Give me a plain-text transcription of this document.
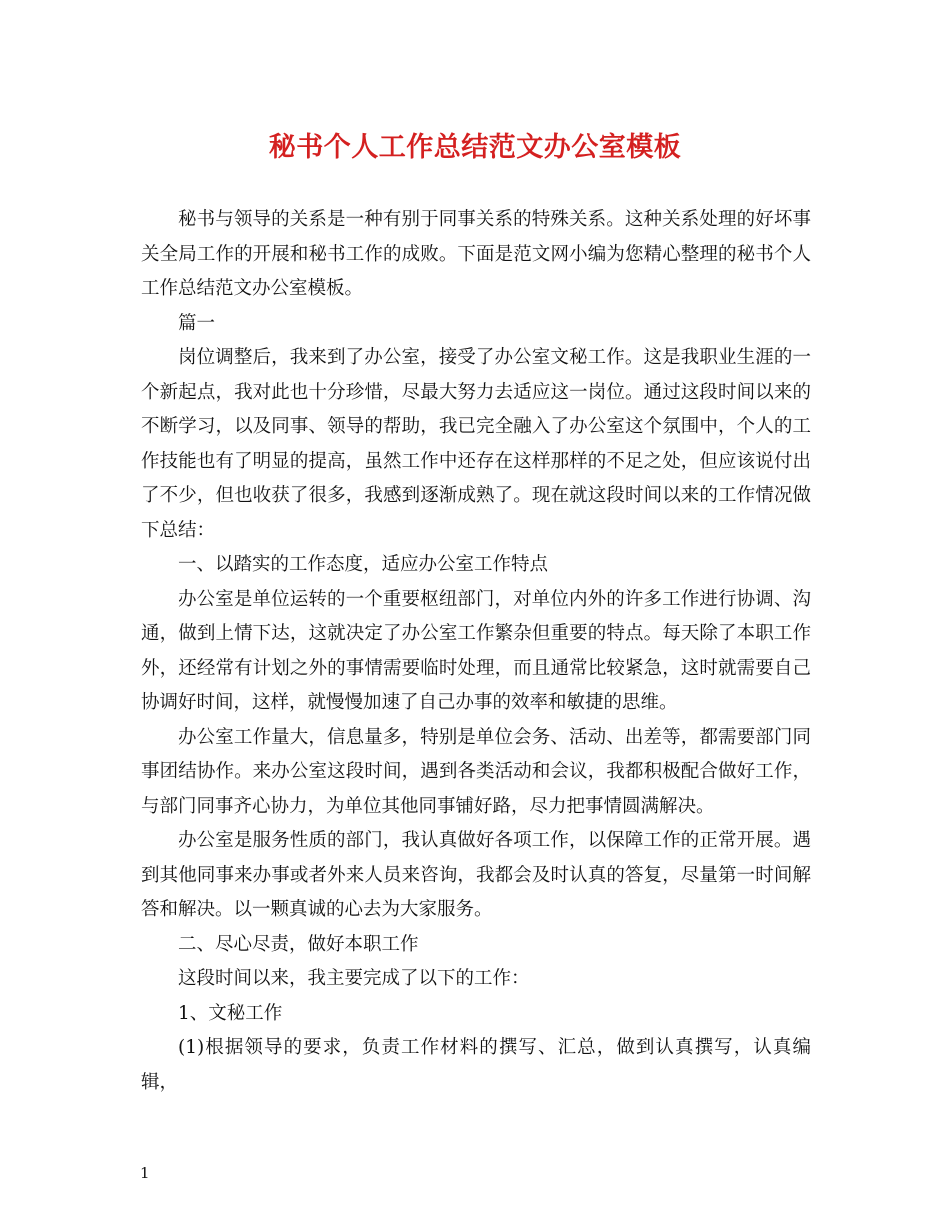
秘书个人工作总结范文办公室模板

秘书与领导的关系是一种有别于同事关系的特殊关系。这种关系处理的好坏事关全局工作的开展和秘书工作的成败。下面是范文网小编为您精心整理的秘书个人工作总结范文办公室模板。

篇一

岗位调整后，我来到了办公室，接受了办公室文秘工作。这是我职业生涯的一个新起点，我对此也十分珍惜，尽最大努力去适应这一岗位。通过这段时间以来的不断学习，以及同事、领导的帮助，我已完全融入了办公室这个氛围中，个人的工作技能也有了明显的提高，虽然工作中还存在这样那样的不足之处，但应该说付出了不少，但也收获了很多，我感到逐渐成熟了。现在就这段时间以来的工作情况做下总结：

一、以踏实的工作态度，适应办公室工作特点

办公室是单位运转的一个重要枢纽部门，对单位内外的许多工作进行协调、沟通，做到上情下达，这就决定了办公室工作繁杂但重要的特点。每天除了本职工作外，还经常有计划之外的事情需要临时处理，而且通常比较紧急，这时就需要自己协调好时间，这样，就慢慢加速了自己办事的效率和敏捷的思维。

办公室工作量大，信息量多，特别是单位会务、活动、出差等，都需要部门同事团结协作。来办公室这段时间，遇到各类活动和会议，我都积极配合做好工作，与部门同事齐心协力，为单位其他同事铺好路，尽力把事情圆满解决。

办公室是服务性质的部门，我认真做好各项工作，以保障工作的正常开展。遇到其他同事来办事或者外来人员来咨询，我都会及时认真的答复，尽量第一时间解答和解决。以一颗真诚的心去为大家服务。

二、尽心尽责，做好本职工作

这段时间以来，我主要完成了以下的工作：

1、文秘工作

(1)根据领导的要求，负责工作材料的撰写、汇总，做到认真撰写，认真编辑，

1
